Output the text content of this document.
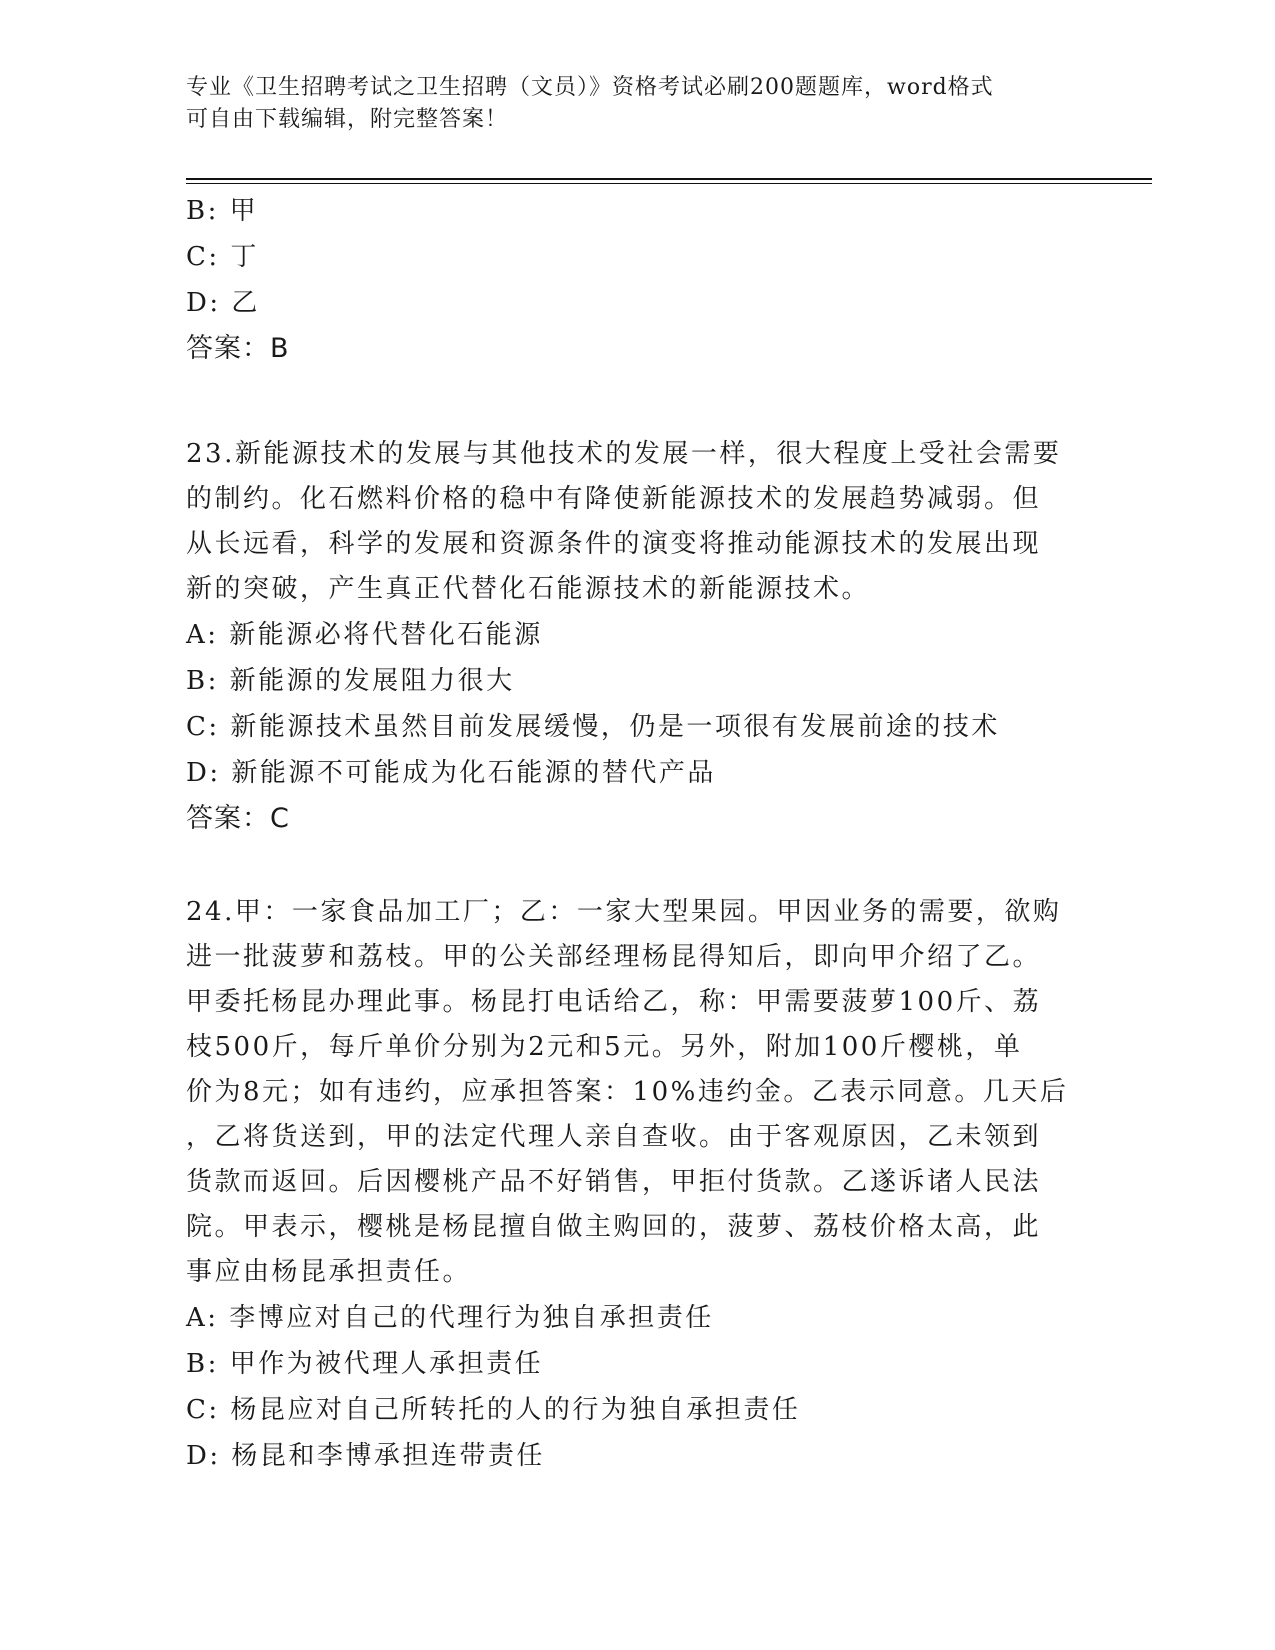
专业《卫生招聘考试之卫生招聘（文员）》资格考试必刷200题题库，word格式
可自由下载编辑，附完整答案！
B: 甲
C: 丁
D: 乙
答案：B
23.新能源技术的发展与其他技术的发展一样，很大程度上受社会需要
的制约。化石燃料价格的稳中有降使新能源技术的发展趋势减弱。但
从长远看，科学的发展和资源条件的演变将推动能源技术的发展出现
新的突破，产生真正代替化石能源技术的新能源技术。
A: 新能源必将代替化石能源
B: 新能源的发展阻力很大
C: 新能源技术虽然目前发展缓慢，仍是一项很有发展前途的技术
D: 新能源不可能成为化石能源的替代产品
答案：C
24.甲：一家食品加工厂；乙：一家大型果园。甲因业务的需要，欲购
进一批菠萝和荔枝。甲的公关部经理杨昆得知后，即向甲介绍了乙。
甲委托杨昆办理此事。杨昆打电话给乙，称：甲需要菠萝100斤、荔
枝500斤，每斤单价分别为2元和5元。另外，附加100斤樱桃，单
价为8元；如有违约，应承担答案：10%违约金。乙表示同意。几天后
，乙将货送到，甲的法定代理人亲自查收。由于客观原因，乙未领到
货款而返回。后因樱桃产品不好销售，甲拒付货款。乙遂诉诸人民法
院。甲表示，樱桃是杨昆擅自做主购回的，菠萝、荔枝价格太高，此
事应由杨昆承担责任。
A: 李博应对自己的代理行为独自承担责任
B: 甲作为被代理人承担责任
C: 杨昆应对自己所转托的人的行为独自承担责任
D: 杨昆和李博承担连带责任
